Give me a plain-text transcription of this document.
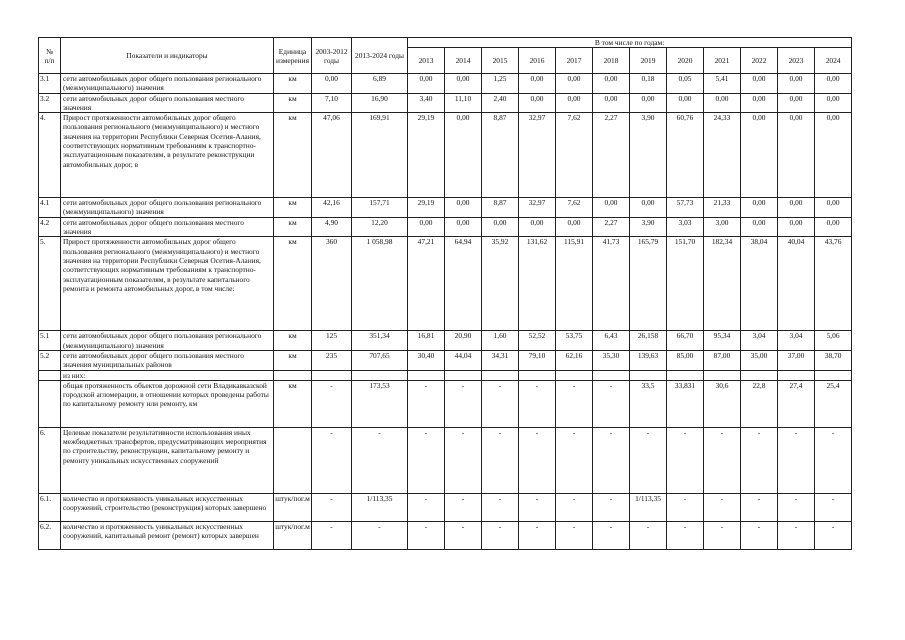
№
п/п	Показатели и индикаторы	Единица измерения	2003-2012 годы	2013-2024 годы	В том числе по годам:											
					2013	2014	2015	2016	2017	2018	2019	2020	2021	2022	2023	2024
3.1	сети автомобильных дорог общего пользования регионального (межмуниципального) значения	км	0,00	6,89	0,00	0,00	1,25	0,00	0,00	0,00	0,18	0,05	5,41	0,00	0,00	0,00
3.2	сети автомобильных дорог общего пользования местного значения	км	7,10	16,90	3,40	11,10	2,40	0,00	0,00	0,00	0,00	0,00	0,00	0,00	0,00	0,00
4.	Прирост протяженности автомобильных дорог общего пользования регионального (межмуниципального) и местного значения на территории Республики Северная Осетия-Алания, соответствующих нормативным требованиям к транспортно-эксплуатационным показателям, в результате реконструкции автомобильных дорог, в	км	47,06	169,91	29,19	0,00	8,87	32,97	7,62	2,27	3,90	60,76	24,33	0,00	0,00	0,00
4.1	сети автомобильных дорог общего пользования регионального (межмуниципального) значения	км	42,16	157,71	29,19	0,00	8,87	32,97	7,62	0,00	0,00	57,73	21,33	0,00	0,00	0,00
4.2	сети автомобильных дорог общего пользования местного значения	км	4,90	12,20	0,00	0,00	0,00	0,00	0,00	2,27	3,90	3,03	3,00	0,00	0,00	0,00
5.	Прирост протяженности автомобильных дорог общего пользования регионального (межмуниципального) и местного значения на территории Республики Северная Осетия-Алания, соответствующих нормативным требованиям к транспортно-эксплуатационным показателям, в результате капитального ремонта и ремонта автомобильных дорог, в том числе:	км	360	1 058,98	47,21	64,94	35,92	131,62	115,91	41,73	165,79	151,70	182,34	38,04	40,04	43,76
5.1	сети автомобильных дорог общего пользования регионального (межмуниципального) значения	км	125	351,34	16,81	20,90	1,60	52,52	53,75	6,43	26,158	66,70	95,34	3,04	3,04	5,06
5.2	сети автомобильных дорог общего пользования местного значения муниципальных районов	км	235	707,65	30,40	44,04	34,31	79,10	62,16	35,30	139,63	85,00	87,00	35,00	37,00	38,70
	из них:															
	общая протяженность объектов дорожной сети Владикавказской городской агломерации, в отношении которых проведены работы по капитальному ремонту или ремонту, км	км	-	173,53	-	-	-	-	-	-	33,5	33,831	30,6	22,8	27,4	25,4
6.	Целевые показатели результативности использования иных межбюджетных трансфертов, предусматривающих мероприятия по строительству, реконструкции, капитальному ремонту и ремонту уникальных искусственных сооружений		-	-	-	-	-	-	-	-	-	-	-	-	-	-
6.1.	количество и протяженность уникальных искусственных сооружений, строительство (реконструкция) которых завершено	штук/пог.м	-	1/113,35	-	-	-	-	-	-	1/113,35	-	-	-	-	-
6.2.	количество и протяженность уникальных искусственных сооружений, капитальный ремонт (ремонт) которых завершен	штук/пог.м	-	-	-	-	-	-	-	-	-	-	-	-	-	-
